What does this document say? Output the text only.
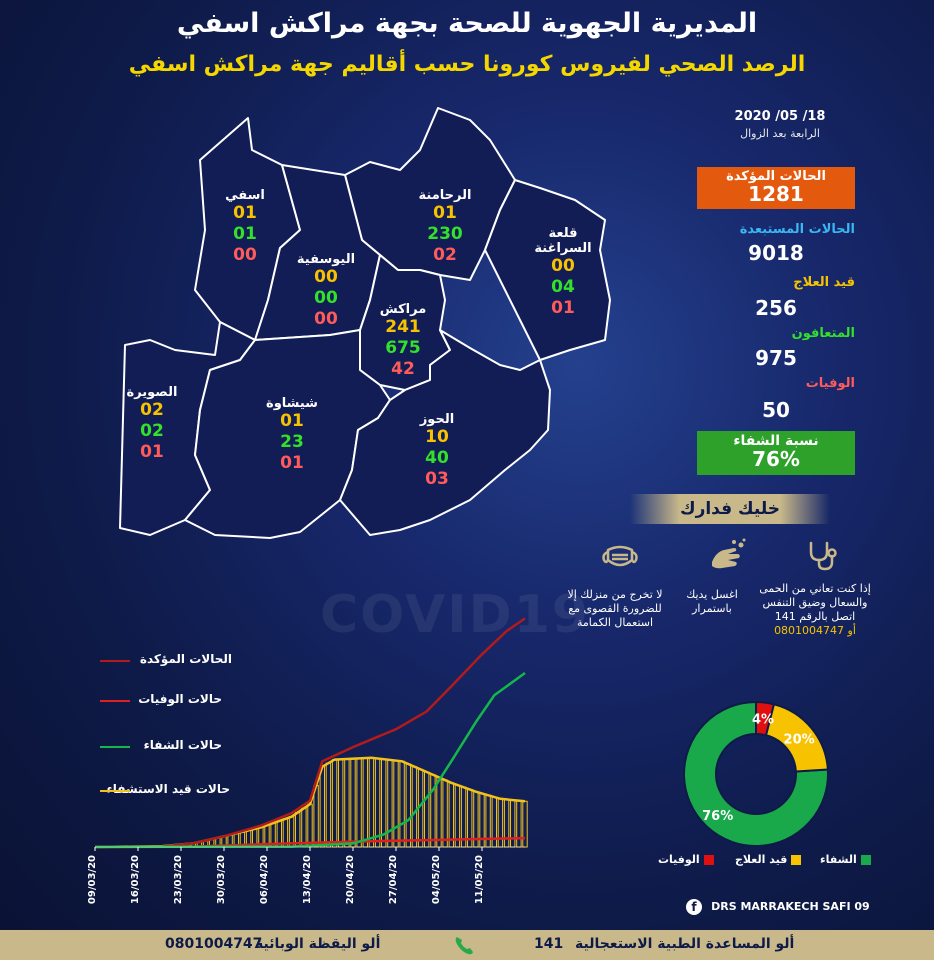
COVID19
المديرية الجهوية للصحة بجهة مراكش اسفي
الرصد الصحي لفيروس كورونا حسب أقاليم جهة مراكش اسفي
2020 /05 /18
الرابعة بعد الزوال
الحالات المؤكدة
1281
الحالات المستبعدة
9018
قيد العلاج
256
المتعافون
975
الوفيات
50
نسبة الشفاء
76%
اسفي
01
01
00
الرحامنة
01
230
02
قلعة السراغنة
00
04
01
اليوسفية
00
00
00	مراكش
241
675
42
الصويرة
02
02
01
شيشاوة
01
23
01
الحوز
10
40
03
خليك فدارك
إذا كنت تعاني من الحمى والسعال وضيق التنفس اتصل بالرقم 141
أو 0801004747
اغسل يديك باستمرار
لا تخرج من منزلك إلا للضرورة القصوى مع استعمال الكمامة
09/03/20	16/03/20	23/03/20	30/03/20	06/04/20	13/04/20	20/04/20	27/04/20	04/05/20	11/05/20
الحالات المؤكدة
حالات الوفيات
حالات الشفاء
حالات قيد الاستشفاء
76%
20%
4%
الشفاء
قيد العلاج
الوفيات
f DRS MARRAKECH SAFI 09
ألو اليقظة الوبائية
0801004747	ألو المساعدة الطبية الاستعجالية
141
